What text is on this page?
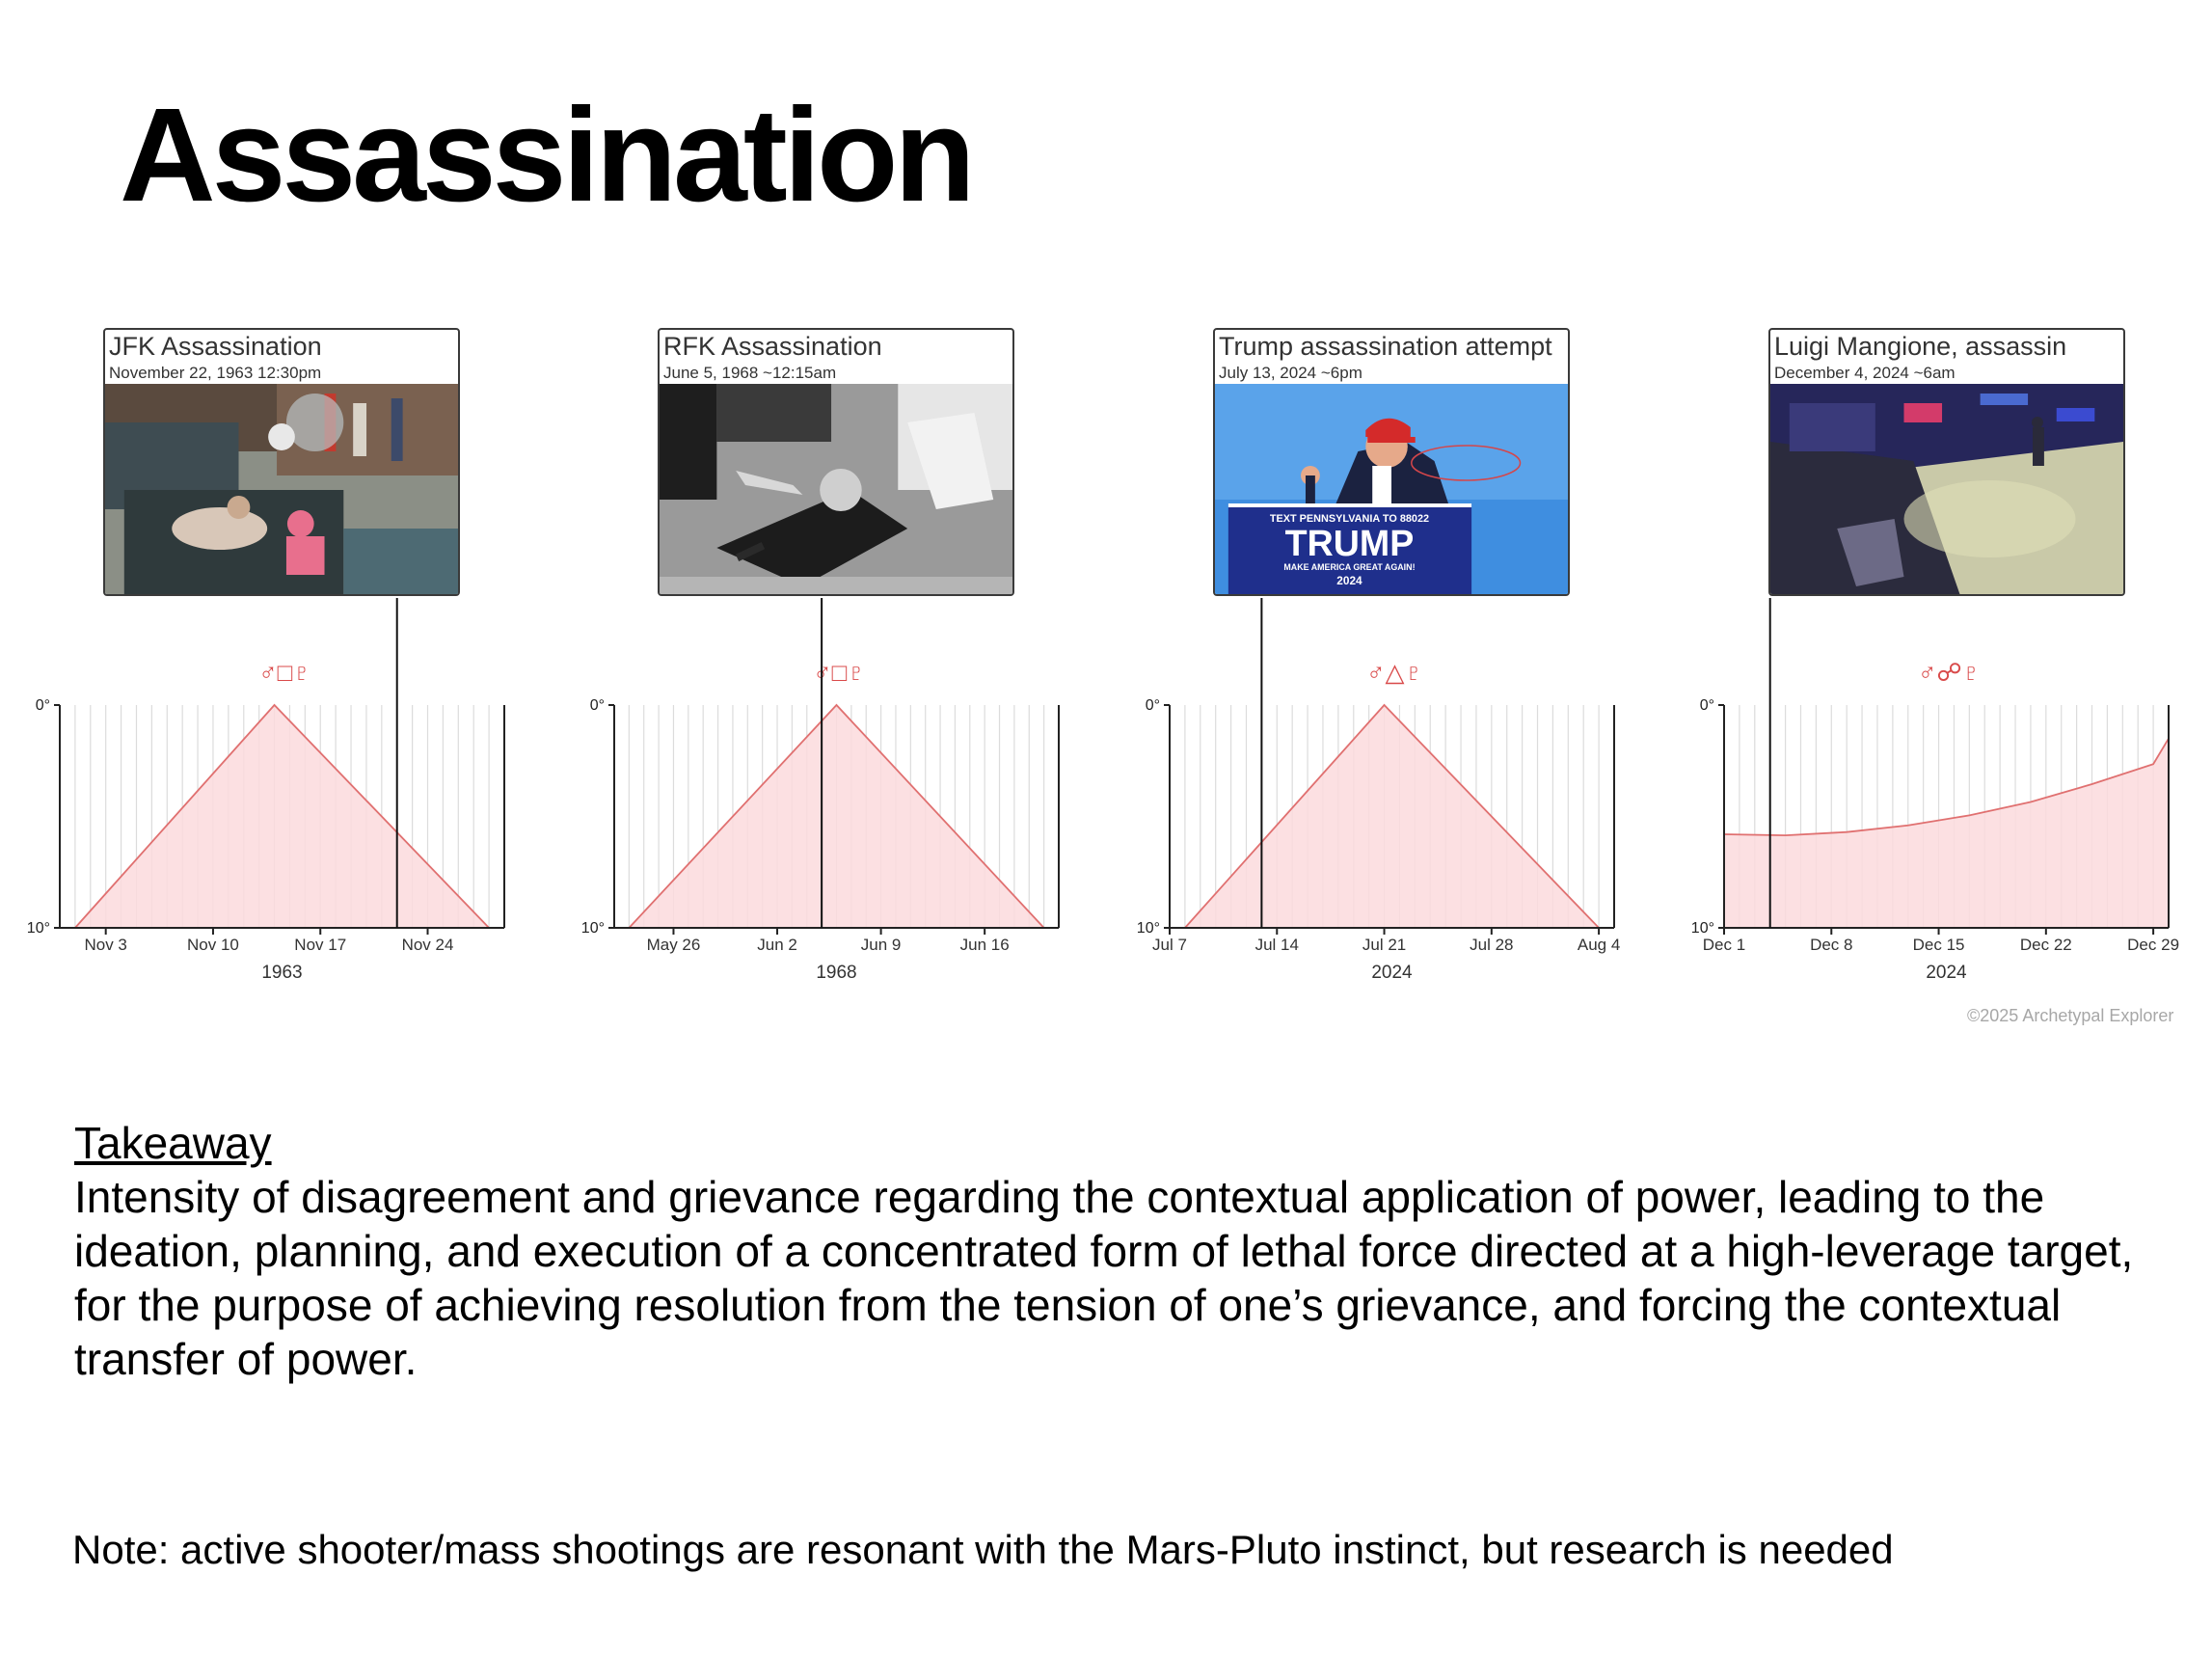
Assassination
0°
10°
Nov 3	Nov 10	Nov 17	Nov 24
1963
♂□♇
0°
10°
May 26	Jun 2	Jun 9	Jun 16
1968
♂□♇
0°
10°
Jul 7	Jul 14	Jul 21	Jul 28	Aug 4
2024
♂△♇
0°
10°
Dec 1	Dec 8	Dec 15	Dec 22	Dec 29
2024
♂☍♇
JFK Assassination
November 22, 1963 12:30pm
RFK Assassination
June 5, 1968 ~12:15am
Trump assassination attempt
July 13, 2024 ~6pm
TEXT PENNSYLVANIA TO 88022
TRUMP
MAKE AMERICA GREAT AGAIN!
2024
Luigi Mangione, assassin
December 4, 2024 ~6am
©2025 Archetypal Explorer
Takeaway
Intensity of disagreement and grievance regarding the contextual application of power, leading to the ideation, planning, and execution of a concentrated form of lethal force directed at a high-leverage target, for the purpose of achieving resolution from the tension of one’s grievance, and forcing the contextual transfer of power.
Note: active shooter/mass shootings are resonant with the Mars-Pluto instinct, but research is needed
